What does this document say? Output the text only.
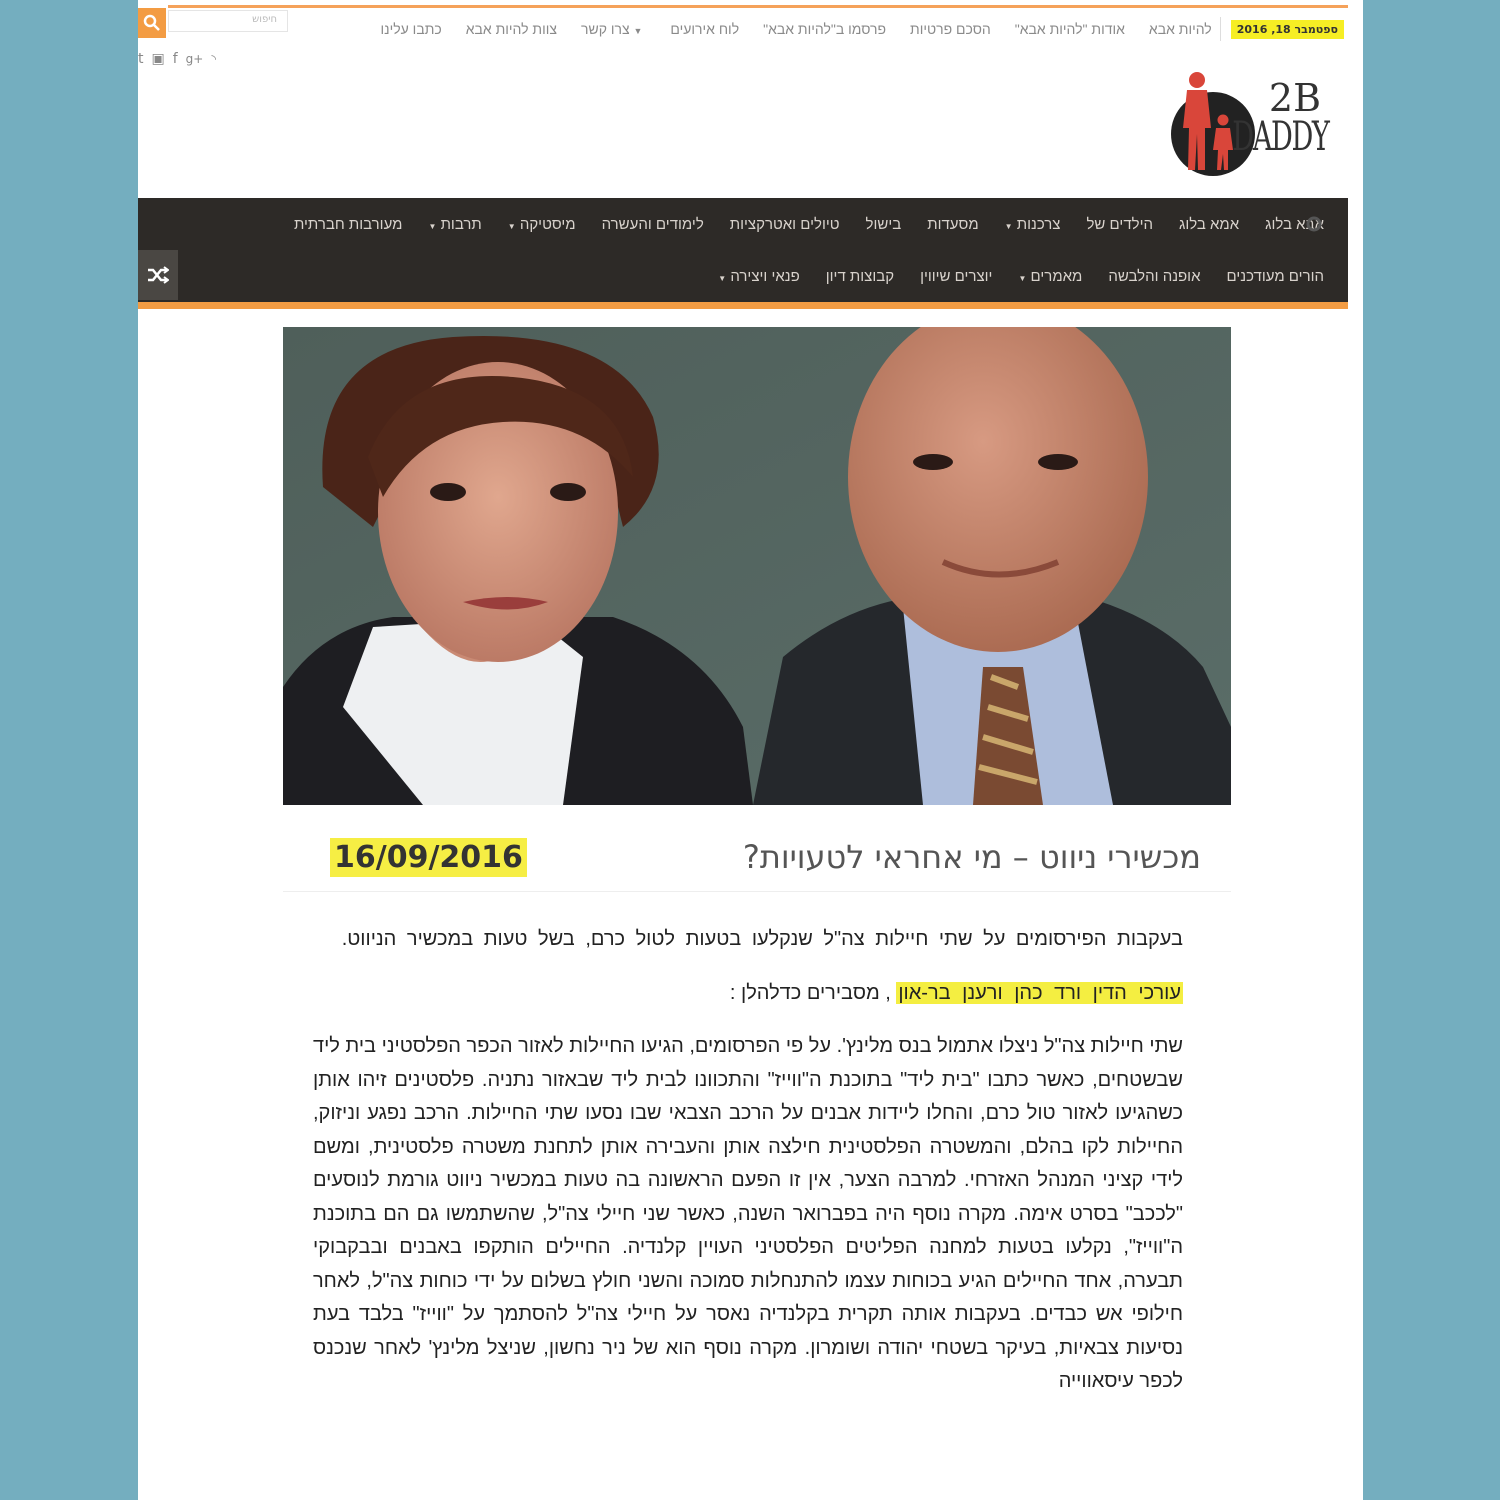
ספטמבר 18, 2016
להיות אבא
אודות "להיות אבא"
הסכם פרטיות
פרסמו ב"להיות אבא"
לוח אירועים
▼ צרו קשר
צוות להיות אבא
כתבו עלינו
חיפוש
t ▣ f g+ ◝
2B
DADDY
אבא בלוג
אמא בלוג
הילדים של
צרכנות ▼
מסעדות
בישול
טיולים ואטרקציות
לימודים והעשרה
מיסטיקה ▼
תרבות ▼
מעורבות חברתית
הורים מעודכנים
אופנה והלבשה
מאמרים ▼
יוצרים שיווין
קבוצות דיון
פנאי ויצירה ▼
מכשירי ניווט – מי אחראי לטעויות?
16/09/2016

בעקבות הפירסומים על שתי חיילות צה"ל שנקלעו בטעות לטול כרם, בשל טעות במכשיר הניווט.

עורכי הדין ורד כהן ורענן בר-און , מסבירים כדלהלן :

שתי חיילות צה"ל ניצלו אתמול בנס מלינץ'. על פי הפרסומים, הגיעו החיילות לאזור הכפר הפלסטיני בית ליד שבשטחים, כאשר כתבו "בית ליד" בתוכנת ה"ווייז" והתכוונו לבית ליד שבאזור נתניה. פלסטינים זיהו אותן כשהגיעו לאזור טול כרם, והחלו ליידות אבנים על הרכב הצבאי שבו נסעו שתי החיילות. הרכב נפגע וניזוק, החיילות לקו בהלם, והמשטרה הפלסטינית חילצה אותן והעבירה אותן לתחנת משטרה פלסטינית, ומשם לידי קציני המנהל האזרחי. למרבה הצער, אין זו הפעם הראשונה בה טעות במכשיר ניווט גורמת לנוסעים "לככב" בסרט אימה. מקרה נוסף היה בפברואר השנה, כאשר שני חיילי צה"ל, שהשתמשו גם הם בתוכנת ה"ווייז", נקלעו בטעות למחנה הפליטים הפלסטיני העויין קלנדיה. החיילים הותקפו באבנים ובבקבוקי תבערה, אחד החיילים הגיע בכוחות עצמו להתנחלות סמוכה והשני חולץ בשלום על ידי כוחות צה"ל, לאחר חילופי אש כבדים. בעקבות אותה תקרית בקלנדיה נאסר על חיילי צה"ל להסתמך על "ווייז" בלבד בעת נסיעות צבאיות, בעיקר בשטחי יהודה ושומרון. מקרה נוסף הוא של ניר נחשון, שניצל מלינץ' לאחר שנכנס לכפר עיסאווייה
